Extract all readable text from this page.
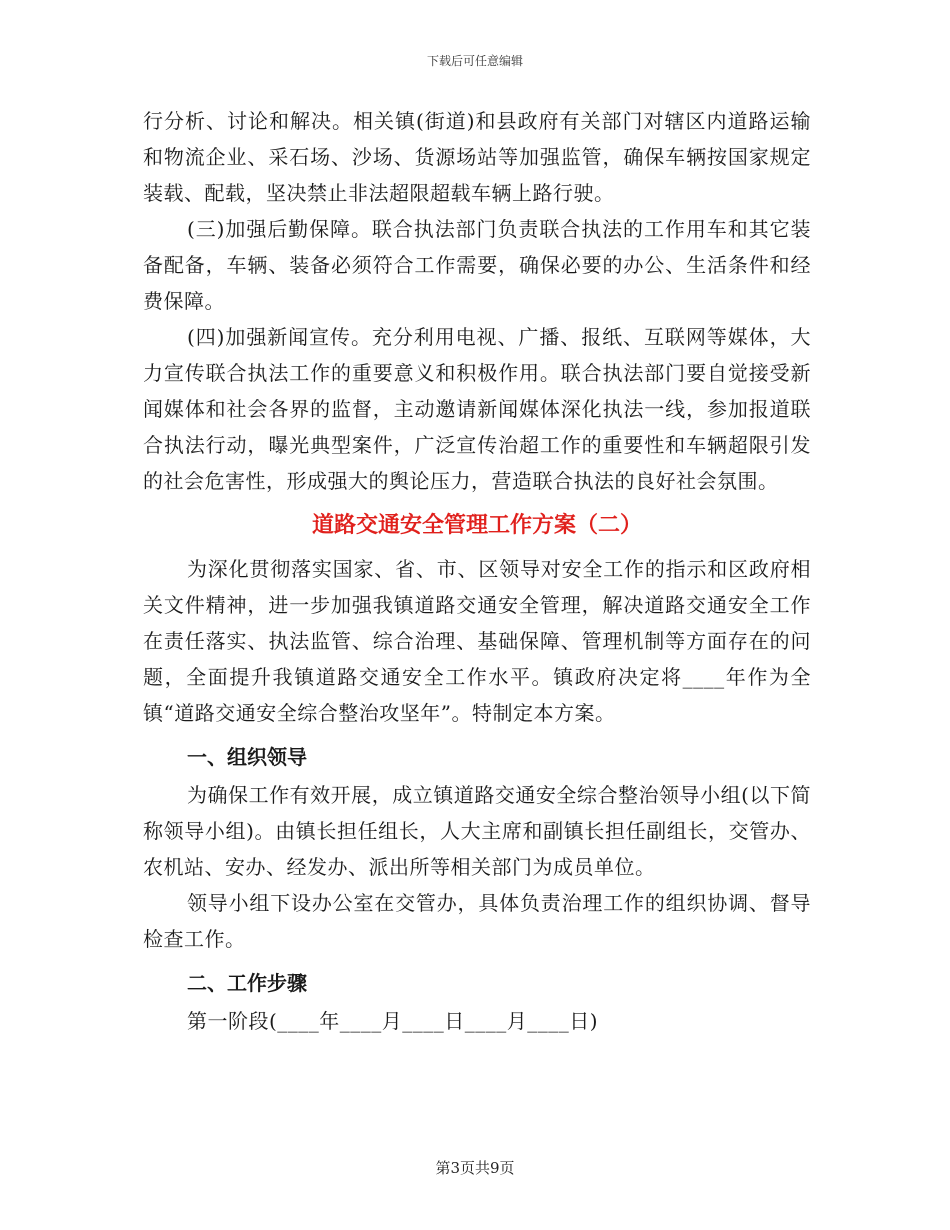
下载后可任意编辑

行分析、讨论和解决。相关镇(街道)和县政府有关部门对辖区内道路运输和物流企业、采石场、沙场、货源场站等加强监管，确保车辆按国家规定装载、配载，坚决禁止非法超限超载车辆上路行驶。

(三)加强后勤保障。联合执法部门负责联合执法的工作用车和其它装备配备，车辆、装备必须符合工作需要，确保必要的办公、生活条件和经费保障。

(四)加强新闻宣传。充分利用电视、广播、报纸、互联网等媒体，大力宣传联合执法工作的重要意义和积极作用。联合执法部门要自觉接受新闻媒体和社会各界的监督，主动邀请新闻媒体深化执法一线，参加报道联合执法行动，曝光典型案件，广泛宣传治超工作的重要性和车辆超限引发的社会危害性，形成强大的舆论压力，营造联合执法的良好社会氛围。

道路交通安全管理工作方案（二）

为深化贯彻落实国家、省、市、区领导对安全工作的指示和区政府相关文件精神，进一步加强我镇道路交通安全管理，解决道路交通安全工作在责任落实、执法监管、综合治理、基础保障、管理机制等方面存在的问题，全面提升我镇道路交通安全工作水平。镇政府决定将____年作为全镇“道路交通安全综合整治攻坚年”。特制定本方案。

一、组织领导

为确保工作有效开展，成立镇道路交通安全综合整治领导小组(以下简称领导小组)。由镇长担任组长，人大主席和副镇长担任副组长，交管办、农机站、安办、经发办、派出所等相关部门为成员单位。

领导小组下设办公室在交管办，具体负责治理工作的组织协调、督导检查工作。

二、工作步骤

第一阶段(____年____月____日____月____日)

第3页共9页
